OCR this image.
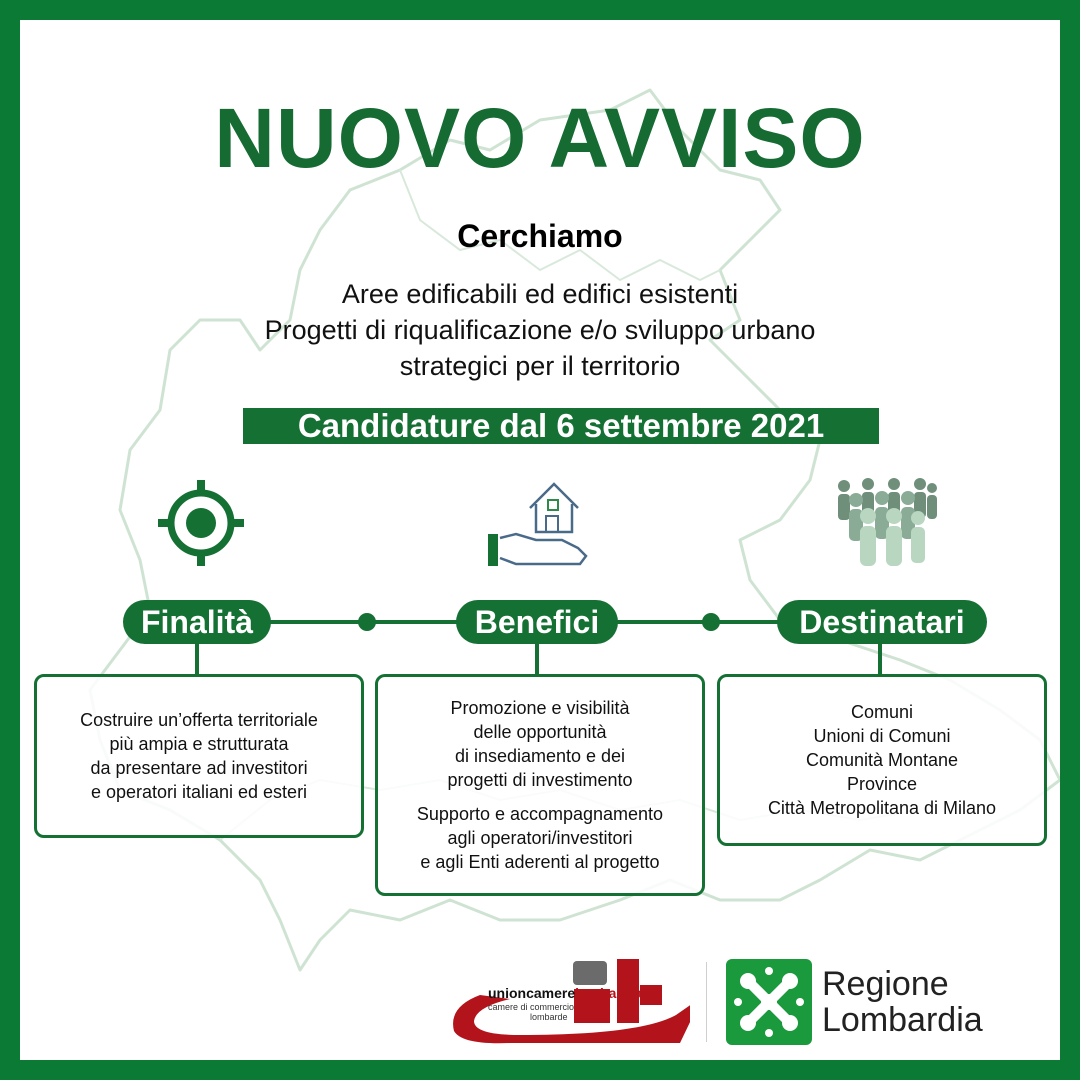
NUOVO AVVISO
Cerchiamo
Aree edificabili ed edifici esistenti
Progetti di riqualificazione e/o sviluppo urbano
strategici per il territorio
Candidature dal 6 settembre 2021
Finalità	Benefici	Destinatari

Costruire un’offerta territoriale

più ampia e strutturata

da presentare ad investitori

e operatori italiani ed esteri

Promozione e visibilità

delle opportunità

di insediamento e dei

progetti di investimento

Supporto e accompagnamento

agli operatori/investitori

e agli Enti aderenti al progetto

Comuni

Unioni di Comuni

Comunità Montane

Province

Città Metropolitana di Milano

unioncamerelombardia
camere di commercio
lombarde
Regione
Lombardia
